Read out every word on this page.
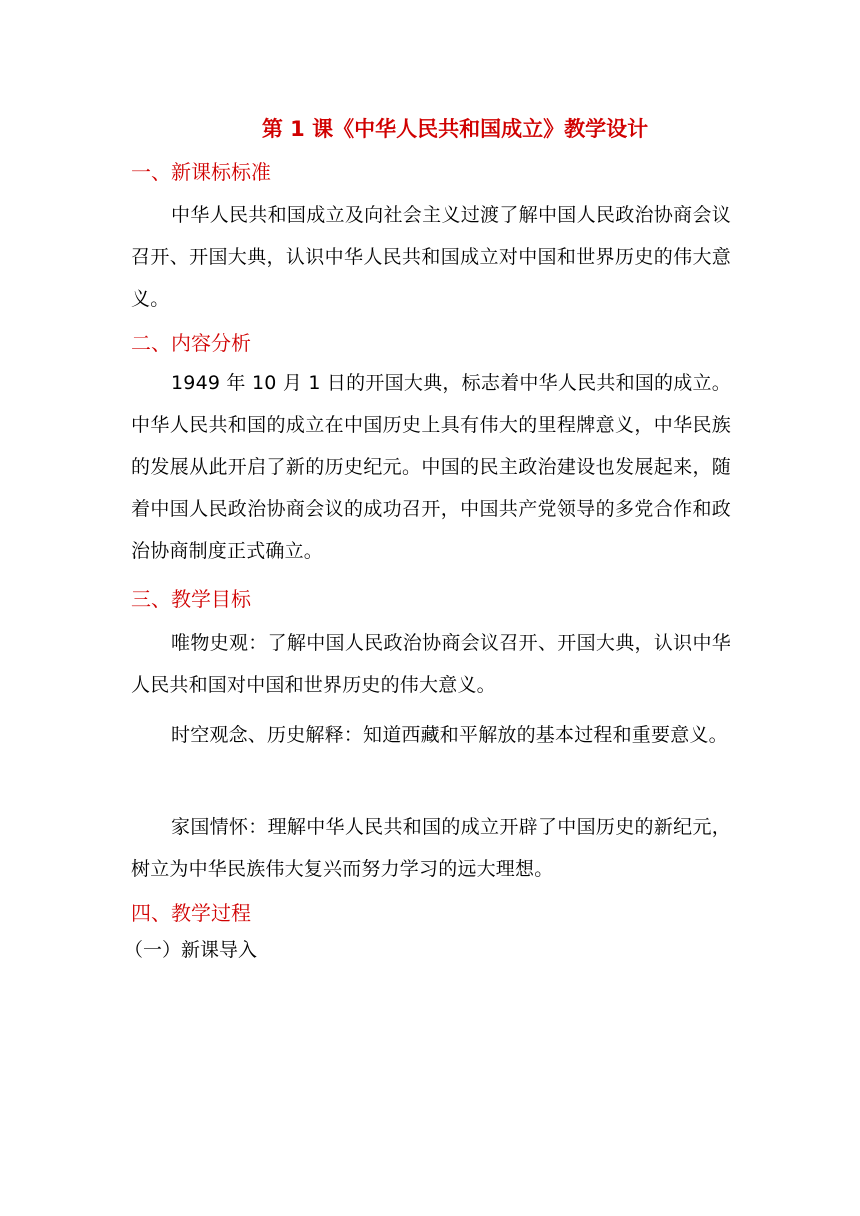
第 1 课《中华人民共和国成立》教学设计
一、新课标标准
中华人民共和国成立及向社会主义过渡了解中国人民政治协商会议召开、开国大典，认识中华人民共和国成立对中国和世界历史的伟大意义。
二、内容分析
1949 年 10 月 1 日的开国大典，标志着中华人民共和国的成立。中华人民共和国的成立在中国历史上具有伟大的里程牌意义，中华民族的发展从此开启了新的历史纪元。中国的民主政治建设也发展起来，随着中国人民政治协商会议的成功召开，中国共产党领导的多党合作和政治协商制度正式确立。
三、教学目标
唯物史观：了解中国人民政治协商会议召开、开国大典，认识中华人民共和国对中国和世界历史的伟大意义。
时空观念、历史解释：知道西藏和平解放的基本过程和重要意义。
家国情怀：理解中华人民共和国的成立开辟了中国历史的新纪元，树立为中华民族伟大复兴而努力学习的远大理想。
四、教学过程
（一）新课导入
